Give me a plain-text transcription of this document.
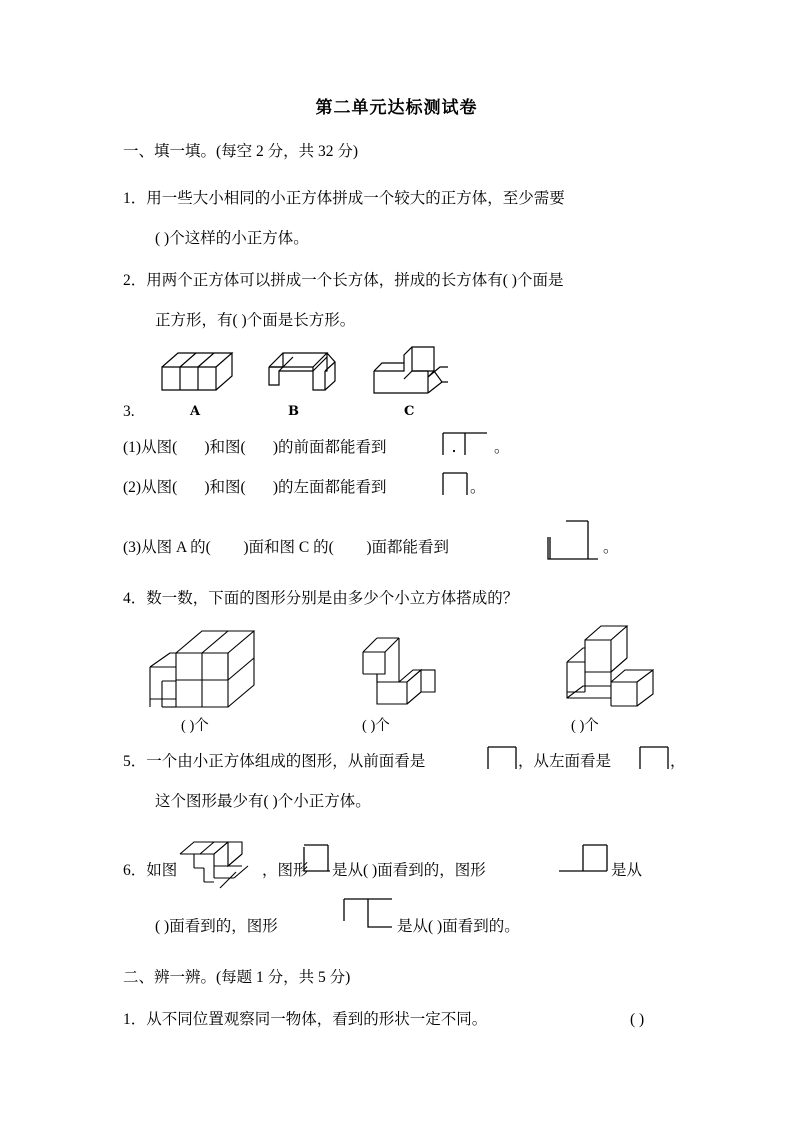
第二单元达标测试卷
一、填一填。(每空 2 分，共 32 分)
1．用一些大小相同的小正方体拼成一个较大的正方体，至少需要
( )个这样的小正方体。
2．用两个正方体可以拼成一个长方体，拼成的长方体有( )个面是
正方形，有( )个面是长方形。
A	B	C
3.
(1)从图( )和图( )的前面都能看到	。
(2)从图( )和图( )的左面都能看到	。
(3)从图 A 的( )面和图 C 的( )面都能看到	。
4．数一数，下面的图形分别是由多少个小立方体搭成的？
( )个	( )个	( )个
5．一个由小正方体组成的图形，从前面看是	，从左面看是	，
这个图形最少有( )个小正方体。
6．如图	，图形 是从( )面看到的，图形	是从
( )面看到的，图形	是从( )面看到的。
二、辨一辨。(每题 1 分，共 5 分)
1．从不同位置观察同一物体，看到的形状一定不同。	( )
